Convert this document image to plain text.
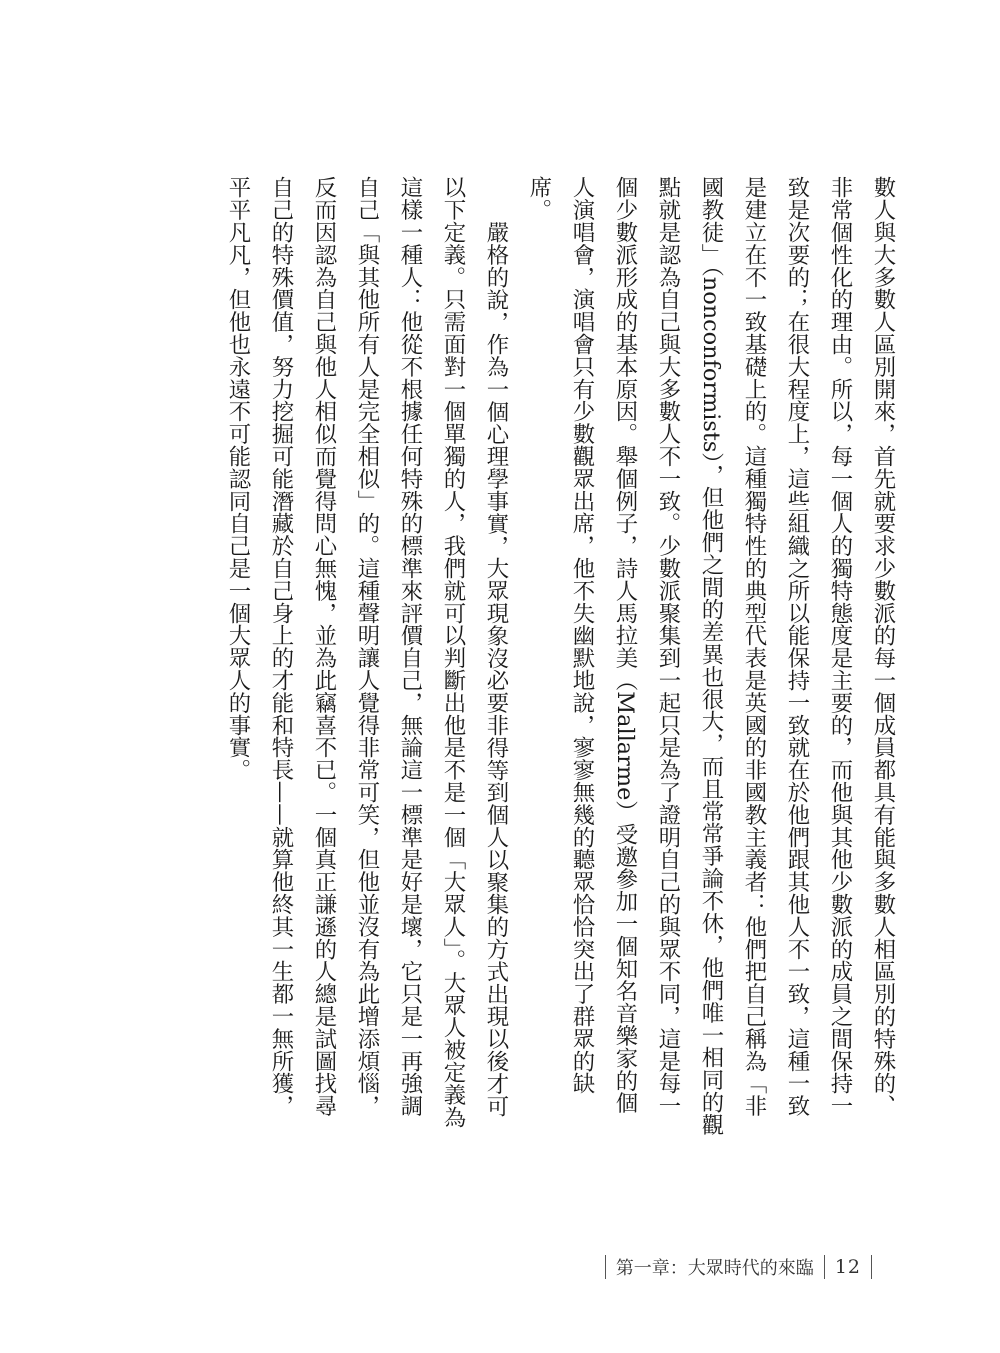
數人與大多數人區別開來，首先就要求少數派的每一個成員都具有能與多數人相區別的特殊的、非常個性化的理由。所以，每一個人的獨特態度是主要的，而他與其他少數派的成員之間保持一致是次要的；在很大程度上，這些組織之所以能保持一致就在於他們跟其他人不一致，這種一致是建立在不一致基礎上的。這種獨特性的典型代表是英國的非國教主義者：他們把自己稱為「非國教徒」（nonconformists），但他們之間的差異也很大，而且常常爭論不休，他們唯一相同的觀點就是認為自己與大多數人不一致。少數派聚集到一起只是為了證明自己的與眾不同，這是每一個少數派形成的基本原因。舉個例子，詩人馬拉美（Mallarme）受邀參加一個知名音樂家的個人演唱會，演唱會只有少數觀眾出席，他不失幽默地說，寥寥無幾的聽眾恰恰突出了群眾的缺席。

嚴格的說，作為一個心理學事實，大眾現象沒必要非得等到個人以聚集的方式出現以後才可以下定義。只需面對一個單獨的人，我們就可以判斷出他是不是一個「大眾人」。大眾人被定義為這樣一種人：他從不根據任何特殊的標準來評價自己，無論這一標準是好是壞，它只是一再強調自己「與其他所有人是完全相似」的。這種聲明讓人覺得非常可笑，但他並沒有為此增添煩惱，反而因認為自己與他人相似而覺得問心無愧，並為此竊喜不已。一個真正謙遜的人總是試圖找尋自己的特殊價值，努力挖掘可能潛藏於自己身上的才能和特長——就算他終其一生都一無所獲，平平凡凡，但他也永遠不可能認同自己是一個大眾人的事實。

第一章：大眾時代的來臨 12
